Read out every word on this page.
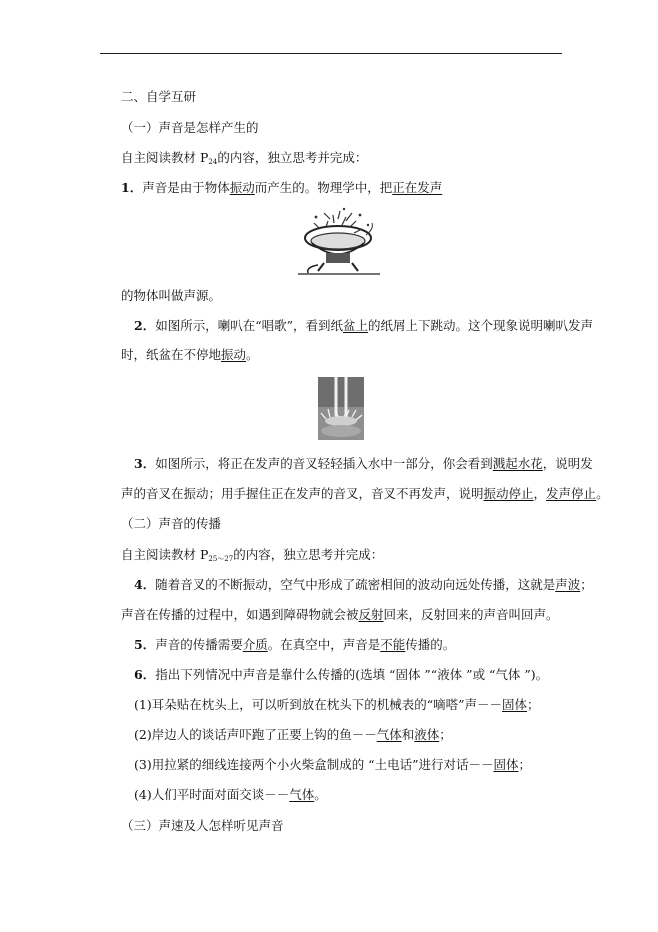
二、自学互研
（一）声音是怎样产生的
自主阅读教材 $P_{24}$的内容，独立思考并完成：
1．声音是由于物体振动而产生的。物理学中，把正在发声
的物体叫做声源。
2．如图所示，喇叭在“唱歌”，看到纸盆上的纸屑上下跳动。这个现象说明喇叭发声
时，纸盆在不停地振动。
3．如图所示，将正在发声的音叉轻轻插入水中一部分，你会看到溅起水花，说明发
声的音叉在振动；用手握住正在发声的音叉，音叉不再发声，说明振动停止，发声停止。
（二）声音的传播
自主阅读教材 $P_{25\sim 27}$的内容，独立思考并完成：
4．随着音叉的不断振动，空气中形成了疏密相间的波动向远处传播，这就是声波；
声音在传播的过程中，如遇到障碍物就会被反射回来，反射回来的声音叫回声。
5．声音的传播需要介质。在真空中，声音是不能传播的。
6．指出下列情况中声音是靠什么传播的(选填 “固体 ”“液体 ”或 “气体 ”)。
(1)耳朵贴在枕头上，可以听到放在枕头下的机械表的“嘀嗒”声－－固体；
(2)岸边人的谈话声吓跑了正要上钩的鱼－－气体和液体；
(3)用拉紧的细线连接两个小火柴盒制成的 “土电话”进行对话－－固体；
(4)人们平时面对面交谈－－气体。
（三）声速及人怎样听见声音
